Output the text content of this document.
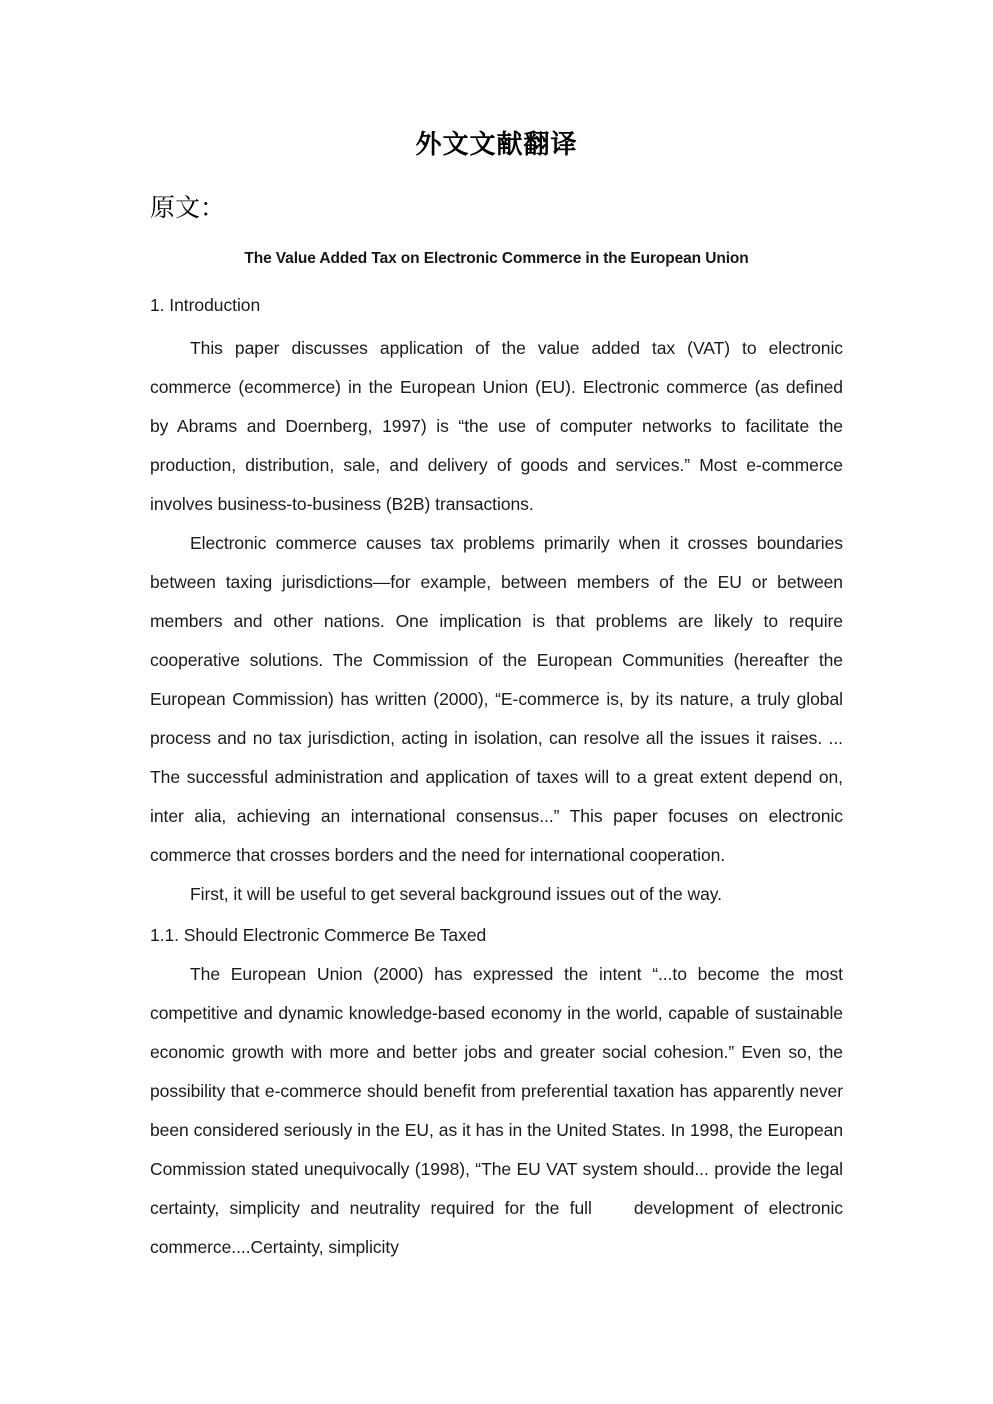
外文文献翻译
原文：
The Value Added Tax on Electronic Commerce in the European Union
1. Introduction

This paper discusses application of the value added tax (VAT) to electronic commerce (ecommerce) in the European Union (EU). Electronic commerce (as defined by Abrams and Doernberg, 1997) is “the use of computer networks to facilitate the production, distribution, sale, and delivery of goods and services.” Most e-commerce involves business-to-business (B2B) transactions.

Electronic commerce causes tax problems primarily when it crosses boundaries between taxing jurisdictions—for example, between members of the EU or between members and other nations. One implication is that problems are likely to require cooperative solutions. The Commission of the European Communities (hereafter the European Commission) has written (2000), “E-commerce is, by its nature, a truly global process and no tax jurisdiction, acting in isolation, can resolve all the issues it raises. ... The successful administration and application of taxes will to a great extent depend on, inter alia, achieving an international consensus...” This paper focuses on electronic commerce that crosses borders and the need for international cooperation.

First, it will be useful to get several background issues out of the way.

1.1. Should Electronic Commerce Be Taxed

The European Union (2000) has expressed the intent “...to become the most competitive and dynamic knowledge-based economy in the world, capable of sustainable economic growth with more and better jobs and greater social cohesion.” Even so, the possibility that e-commerce should benefit from preferential taxation has apparently never been considered seriously in the EU, as it has in the United States. In 1998, the European Commission stated unequivocally (1998), “The EU VAT system should... provide the legal certainty, simplicity and neutrality required for the full development of electronic commerce....Certainty, simplicity
